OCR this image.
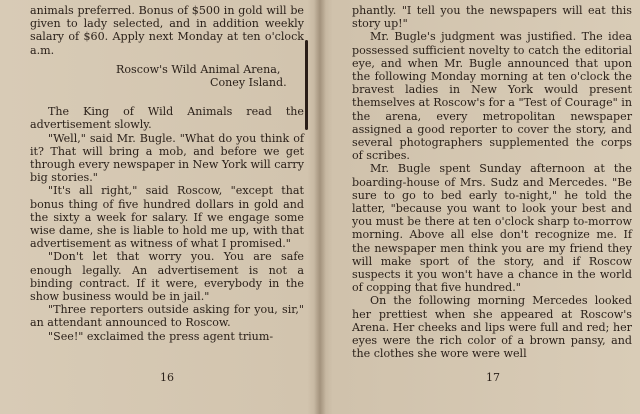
animals preferred. Bonus of $500 in gold will be given to lady selected, and in addition weekly salary of $60. Apply next Monday at ten o'clock a.m.

Roscow's Wild Animal Arena,

Coney Island.

The King of Wild Animals read the advertisement slowly.

"Well," said Mr. Bugle. "What do you think of it? That will bring a mob, and before we get through every newspaper in New York will carry big stories."

"It's all right," said Roscow, "except that bonus thing of five hundred dollars in gold and the sixty a week for salary. If we engage some wise dame, she is liable to hold me up, with that advertisement as witness of what I promised."

"Don't let that worry you. You are safe enough legally. An advertisement is not a binding contract. If it were, everybody in the show business would be in jail."

"Three reporters outside asking for you, sir," an attendant announced to Roscow.

"See!" exclaimed the press agent trium-

16

phantly. "I tell you the newspapers will eat this story up!"

Mr. Bugle's judgment was justified. The idea possessed sufficient novelty to catch the editorial eye, and when Mr. Bugle announced that upon the following Monday morning at ten o'clock the bravest ladies in New York would present themselves at Roscow's for a "Test of Courage" in the arena, every metropolitan newspaper assigned a good reporter to cover the story, and several photographers supplemented the corps of scribes.

Mr. Bugle spent Sunday afternoon at the boarding-house of Mrs. Sudz and Mercedes. "Be sure to go to bed early to-night," he told the latter, "because you want to look your best and you must be there at ten o'clock sharp to-morrow morning. Above all else don't recognize me. If the newspaper men think you are my friend they will make sport of the story, and if Roscow suspects it you won't have a chance in the world of copping that five hundred."

On the following morning Mercedes looked her prettiest when she appeared at Roscow's Arena. Her cheeks and lips were full and red; her eyes were the rich color of a brown pansy, and the clothes she wore were well

17
